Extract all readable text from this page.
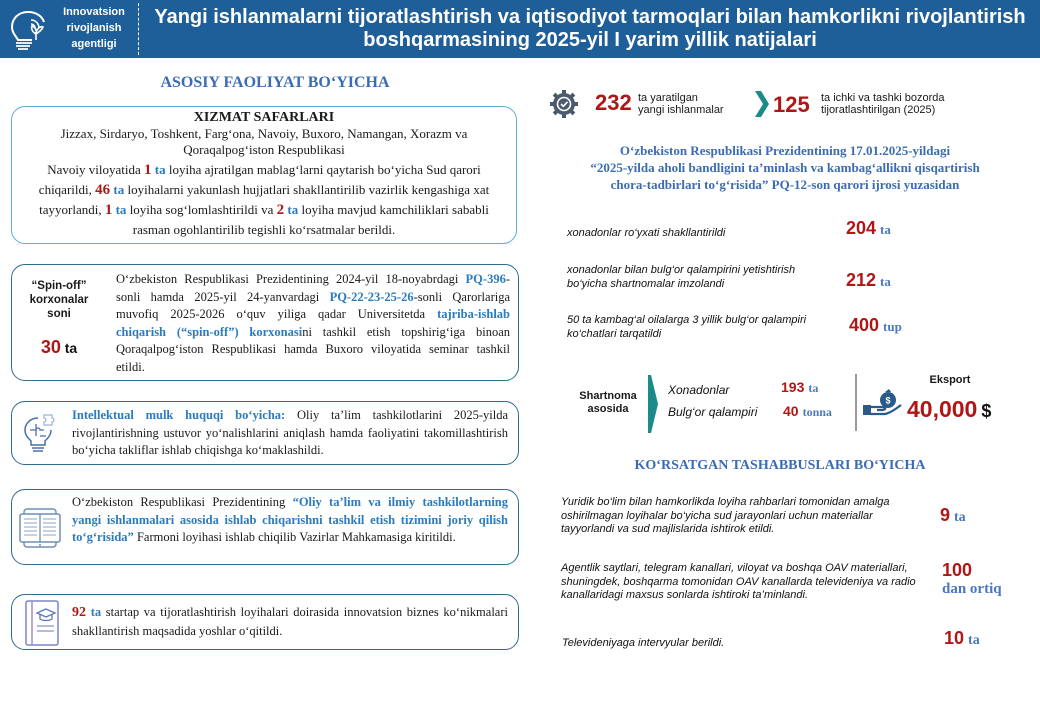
Innovatsion
rivojlanish
agentligi
Yangi ishlanmalarni tijoratlashtirish va iqtisodiyot tarmoqlari bilan hamkorlikni rivojlantirish boshqarmasining 2025-yil I yarim yillik natijalari
ASOSIY FAOLIYAT BO‘YICHA
XIZMAT SAFARLARI
Jizzax, Sirdaryo, Toshkent, Farg‘ona, Navoiy, Buxoro, Namangan, Xorazm va Qoraqalpog‘iston Respublikasi
Navoiy viloyatida 1 ta loyiha ajratilgan mablag‘larni qaytarish bo‘yicha Sud qarori chiqarildi, 46 ta loyihalarni yakunlash hujjatlari shakllantirilib vazirlik kengashiga xat tayyorlandi, 1 ta loyiha sog‘lomlashtirildi va 2 ta loyiha mavjud kamchiliklari sababli rasman ogohlantirilib tegishli ko‘rsatmalar berildi.
“Spin-off” korxonalar soni
30 ta
O‘zbekiston Respublikasi Prezidentining 2024-yil 18-noyabrdagi PQ-396-sonli hamda 2025-yil 24-yanvardagi PQ-22-23-25-26-sonli Qarorlariga muvofiq 2025-2026 o‘quv yiliga qadar Universitetda tajriba-ishlab chiqarish (“spin-off”) korxonasini tashkil etish topshirig‘iga binoan Qoraqalpog‘iston Respublikasi hamda Buxoro viloyatida seminar tashkil etildi.
Intellektual mulk huquqi bo‘yicha: Oliy ta’lim tashkilotlarini 2025-yilda rivojlantirishning ustuvor yo‘nalishlarini aniqlash hamda faoliyatini takomillashtirish bo‘yicha takliflar ishlab chiqishga ko‘maklashildi.
O‘zbekiston Respublikasi Prezidentining “Oliy ta’lim va ilmiy tashkilotlarning yangi ishlanmalari asosida ishlab chiqarishni tashkil etish tizimini joriy qilish to‘g‘risida” Farmoni loyihasi ishlab chiqilib Vazirlar Mahkamasiga kiritildi.
92 ta startap va tijoratlashtirish loyihalari doirasida innovatsion biznes ko‘nikmalari shakllantirish maqsadida yoshlar o‘qitildi.
232 ta yaratilgan
yangi ishlanmalar 125 ta ichki va tashki bozorda
tijoratlashtirilgan (2025)
O‘zbekiston Respublikasi Prezidentining 17.01.2025-yildagi
“2025-yilda aholi bandligini ta’minlash va kambag‘allikni qisqartirish
chora-tadbirlari to‘g‘risida” PQ-12-son qarori ijrosi yuzasidan
xonadonlar ro‘yxati shakllantirildi	204 ta
xonadonlar bilan bulg‘or qalampirini yetishtirish bo‘yicha shartnomalar imzolandi	212 ta
50 ta kambag‘al oilalarga 3 yillik bulg‘or qalampiri ko‘chatlari tarqatildi	400 tup
Shartnoma asosida
Xonadonlar	193 ta
Bulg‘or qalampiri 40 tonna
$
Eksport
40,000 $
KO‘RSATGAN TASHABBUSLARI BO‘YICHA
Yuridik bo‘lim bilan hamkorlikda loyiha rahbarlari tomonidan amalga oshirilmagan loyihalar bo‘yicha sud jarayonlari uchun materiallar tayyorlandi va sud majlislarida ishtirok etildi.
9 ta
Agentlik saytlari, telegram kanallari, viloyat va boshqa OAV materiallari, shuningdek, boshqarma tomonidan OAV kanallarda televideniya va radio kanallaridagi maxsus sonlarda ishtiroki ta’minlandi.
100
dan ortiq
Televideniyaga intervyular berildi.	10 ta
